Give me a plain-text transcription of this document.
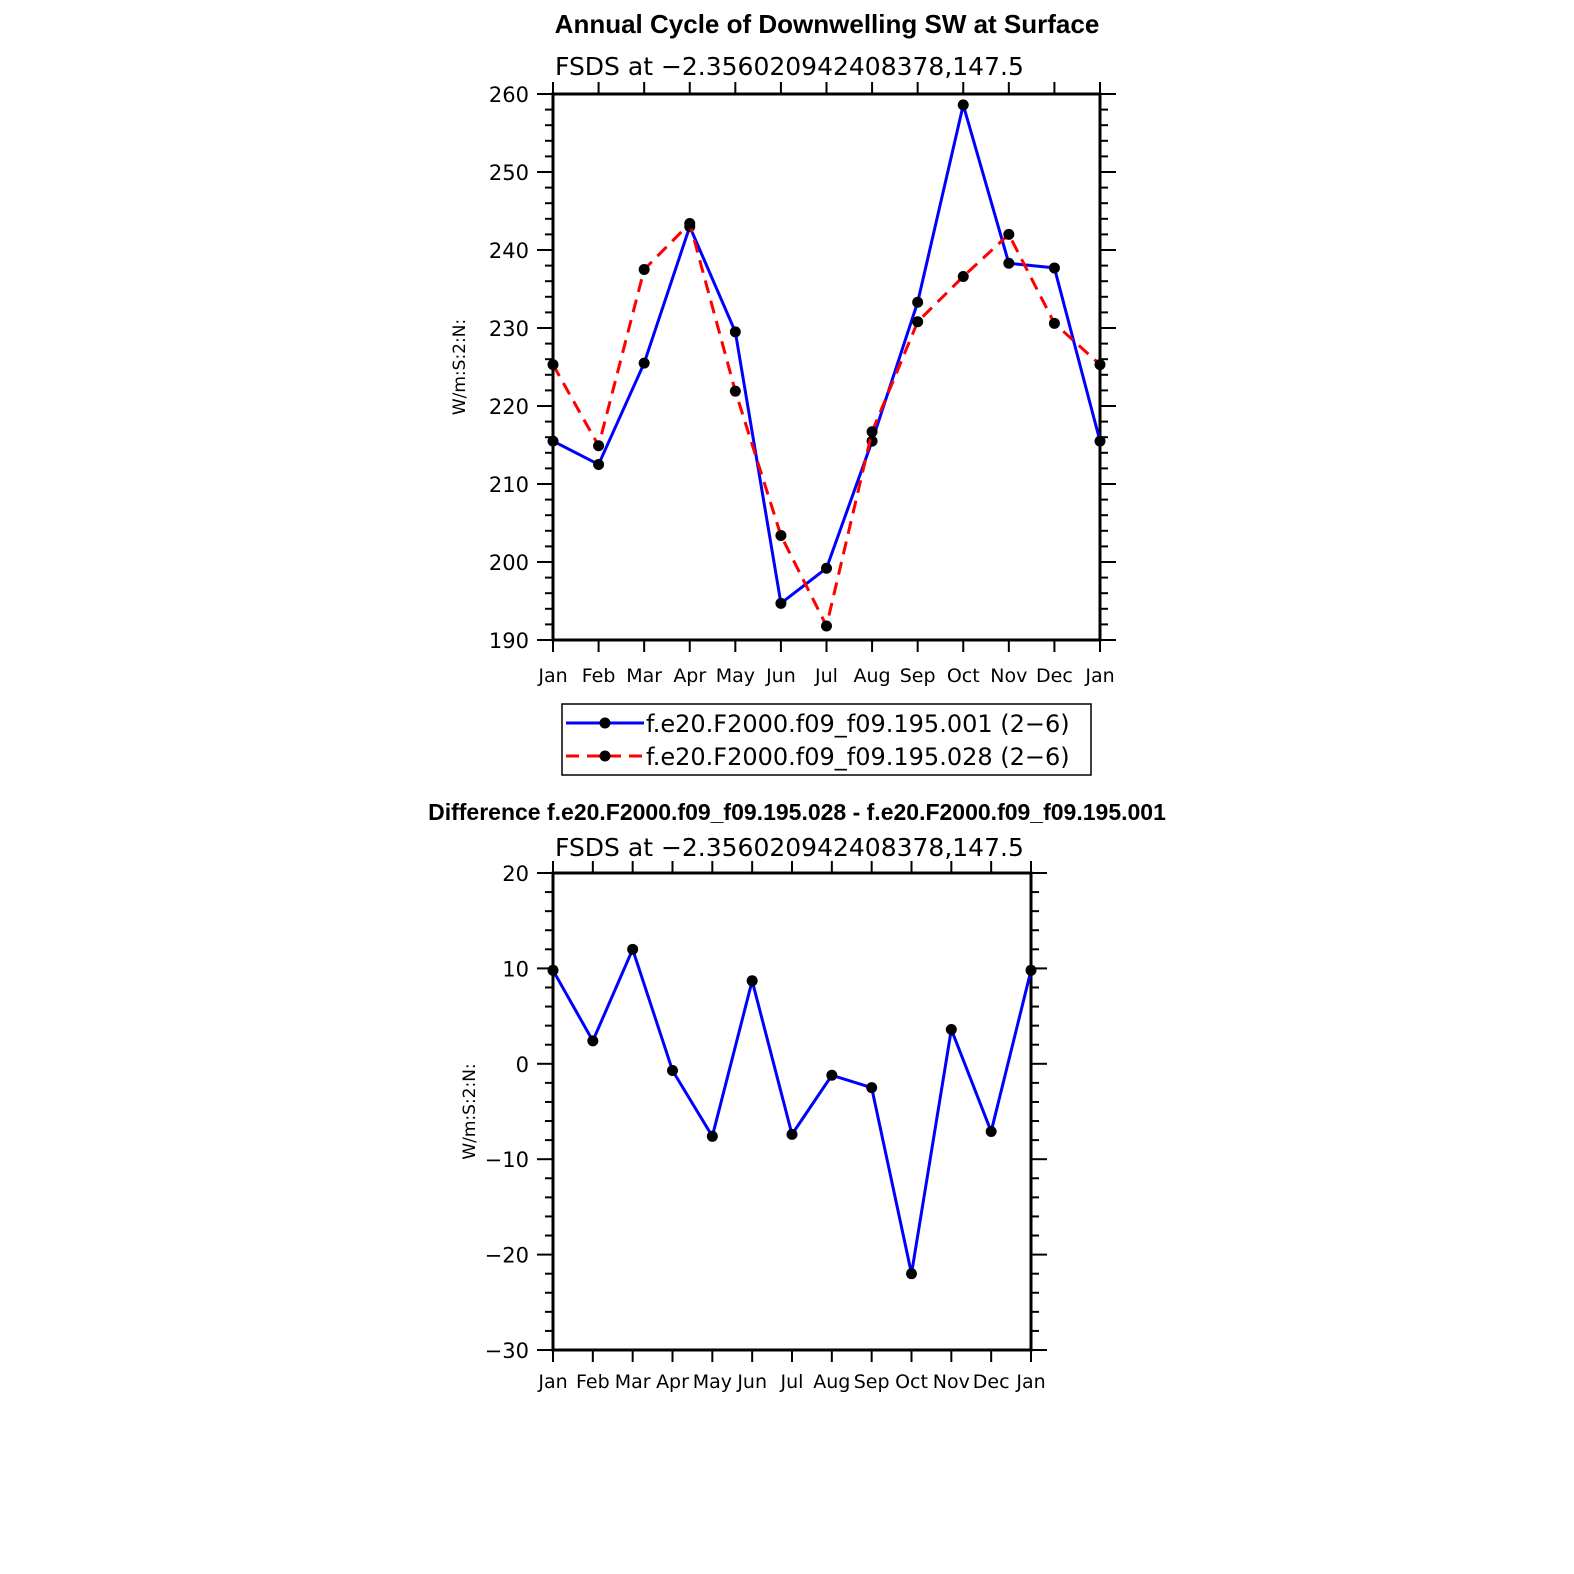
Annual Cycle of Downwelling SW at Surface
FSDS at −2.356020942408378,147.5
190
200
210
220
230
240
250
260
Jan Feb Mar Apr May Jun Jul Aug Sep Oct Nov Dec Jan
W/m:S:2:N:
f.e20.F2000.f09_f09.195.001 (2−6)
f.e20.F2000.f09_f09.195.028 (2−6)
Difference f.e20.F2000.f09_f09.195.028 - f.e20.F2000.f09_f09.195.001
FSDS at −2.356020942408378,147.5
−30
−20
−10
0
10
20
Jan Feb Mar Apr May Jun Jul Aug Sep Oct Nov Dec Jan
W/m:S:2:N:
